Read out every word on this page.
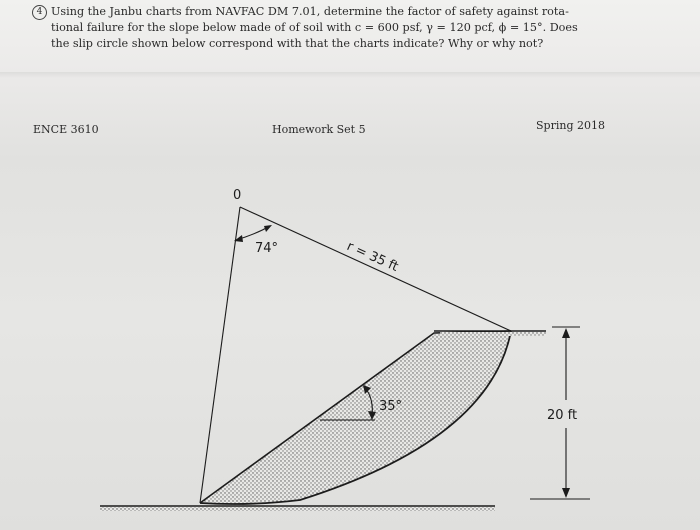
4 Using the Janbu charts from NAVFAC DM 7.01, determine the factor of safety against rota-
tional failure for the slope below made of of soil with c = 600 psf, γ = 120 pcf, ϕ = 15°. Does
the slip circle shown below correspond with that the charts indicate? Why or why not?
ENCE 3610	Homework Set 5	Spring 2018
0
74°	r = 35 ft
35°
20 ft
